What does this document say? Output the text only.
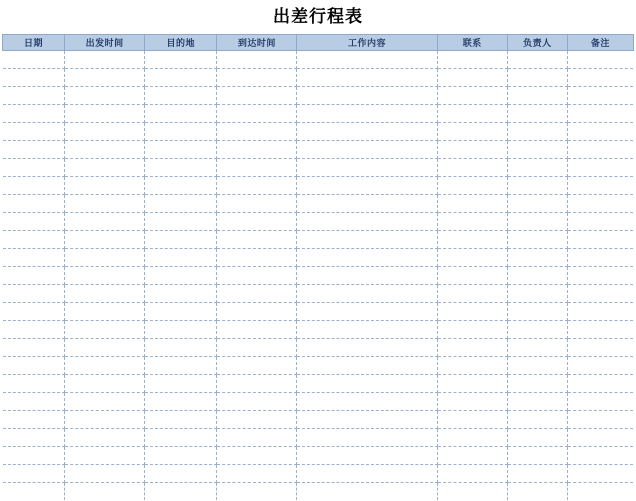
出差行程表
日期	出发时间	目的地	到达时间	工作内容	联系	负责人	备注
